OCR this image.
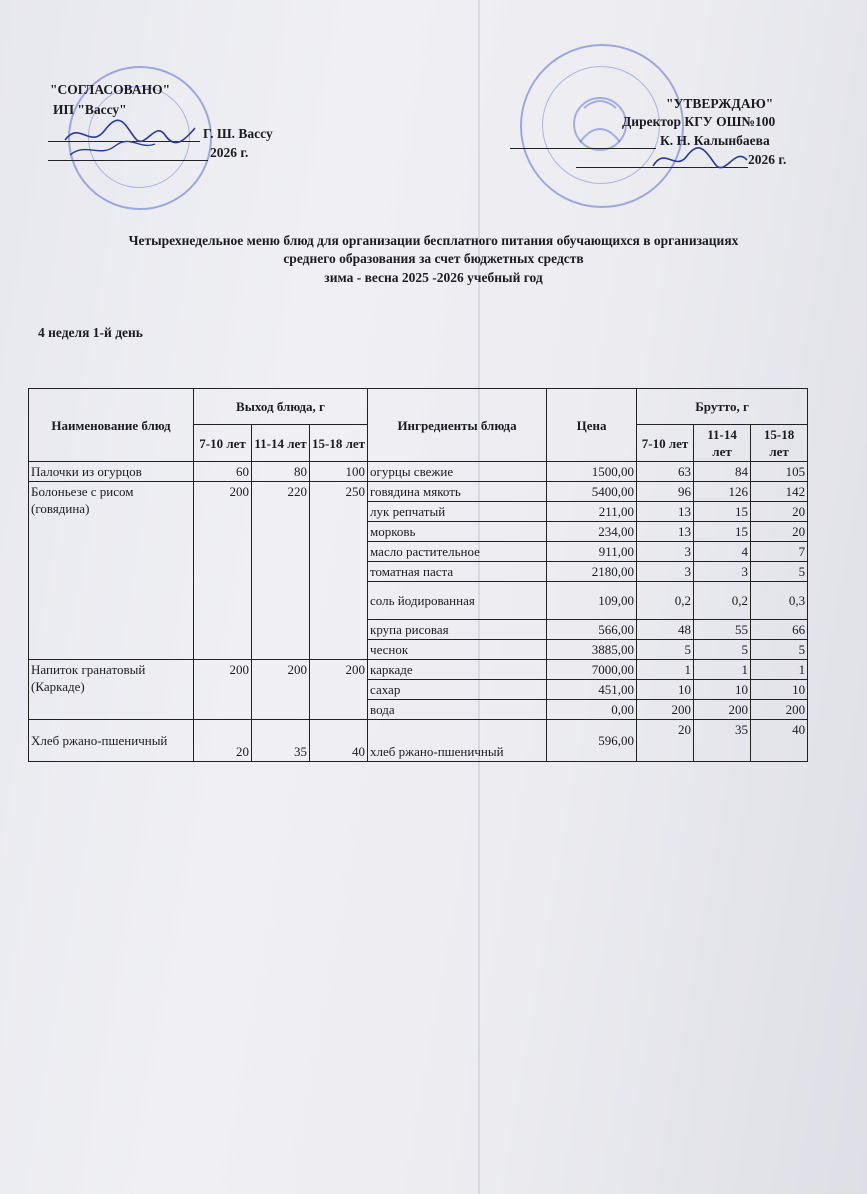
"СОГЛАСОВАНО"
ИП "Вассу"
Г. Ш. Вассу
2026 г.
"УТВЕРЖДАЮ"
Директор КГУ ОШ№100
К. Н. Калынбаева
2026 г.
Четырехнедельное меню блюд для организации бесплатного питания обучающихся в организациях
среднего образования за счет бюджетных средств
зима - весна 2025 -2026 учебный год
4 неделя 1-й день
Наименование блюд	Выход блюда, г			Ингредиенты блюда	Цена	Брутто, г		
	7-10 лет	11-14 лет	15-18 лет			7-10 лет	11-14 лет	15-18 лет
Палочки из огурцов	60	80	100	огурцы свежие	1500,00	63	84	105
Болоньезе с рисом (говядина)	200	220	250	говядина мякоть	5400,00	96	126	142
				лук репчатый	211,00	13	15	20
				морковь	234,00	13	15	20
				масло растительное	911,00	3	4	7
				томатная паста	2180,00	3	3	5
				соль йодированная	109,00	0,2	0,2	0,3
				крупа рисовая	566,00	48	55	66
				чеснок	3885,00	5	5	5
Напиток гранатовый (Каркаде)	200	200	200	каркаде	7000,00	1	1	1
				сахар	451,00	10	10	10
				вода	0,00	200	200	200
Хлеб ржано-пшеничный	20	35	40	хлеб ржано-пшеничный	596,00	20	35	40
